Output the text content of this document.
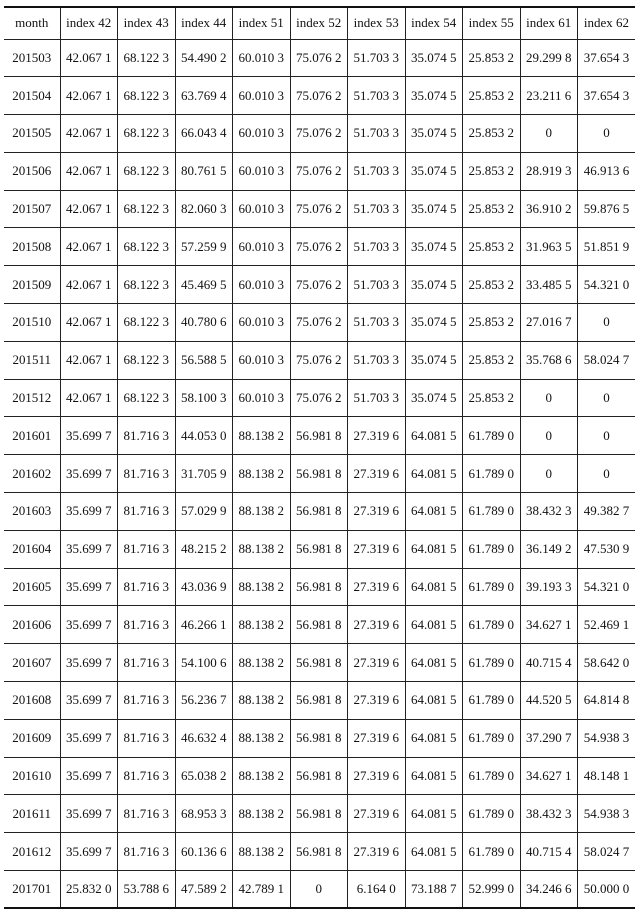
month	index 42	index 43	index 44	index 51	index 52	index 53	index 54	index 55	index 61	index 62
201503	42.067 1	68.122 3	54.490 2	60.010 3	75.076 2	51.703 3	35.074 5	25.853 2	29.299 8	37.654 3
201504	42.067 1	68.122 3	63.769 4	60.010 3	75.076 2	51.703 3	35.074 5	25.853 2	23.211 6	37.654 3
201505	42.067 1	68.122 3	66.043 4	60.010 3	75.076 2	51.703 3	35.074 5	25.853 2	0	0
201506	42.067 1	68.122 3	80.761 5	60.010 3	75.076 2	51.703 3	35.074 5	25.853 2	28.919 3	46.913 6
201507	42.067 1	68.122 3	82.060 3	60.010 3	75.076 2	51.703 3	35.074 5	25.853 2	36.910 2	59.876 5
201508	42.067 1	68.122 3	57.259 9	60.010 3	75.076 2	51.703 3	35.074 5	25.853 2	31.963 5	51.851 9
201509	42.067 1	68.122 3	45.469 5	60.010 3	75.076 2	51.703 3	35.074 5	25.853 2	33.485 5	54.321 0
201510	42.067 1	68.122 3	40.780 6	60.010 3	75.076 2	51.703 3	35.074 5	25.853 2	27.016 7	0
201511	42.067 1	68.122 3	56.588 5	60.010 3	75.076 2	51.703 3	35.074 5	25.853 2	35.768 6	58.024 7
201512	42.067 1	68.122 3	58.100 3	60.010 3	75.076 2	51.703 3	35.074 5	25.853 2	0	0
201601	35.699 7	81.716 3	44.053 0	88.138 2	56.981 8	27.319 6	64.081 5	61.789 0	0	0
201602	35.699 7	81.716 3	31.705 9	88.138 2	56.981 8	27.319 6	64.081 5	61.789 0	0	0
201603	35.699 7	81.716 3	57.029 9	88.138 2	56.981 8	27.319 6	64.081 5	61.789 0	38.432 3	49.382 7
201604	35.699 7	81.716 3	48.215 2	88.138 2	56.981 8	27.319 6	64.081 5	61.789 0	36.149 2	47.530 9
201605	35.699 7	81.716 3	43.036 9	88.138 2	56.981 8	27.319 6	64.081 5	61.789 0	39.193 3	54.321 0
201606	35.699 7	81.716 3	46.266 1	88.138 2	56.981 8	27.319 6	64.081 5	61.789 0	34.627 1	52.469 1
201607	35.699 7	81.716 3	54.100 6	88.138 2	56.981 8	27.319 6	64.081 5	61.789 0	40.715 4	58.642 0
201608	35.699 7	81.716 3	56.236 7	88.138 2	56.981 8	27.319 6	64.081 5	61.789 0	44.520 5	64.814 8
201609	35.699 7	81.716 3	46.632 4	88.138 2	56.981 8	27.319 6	64.081 5	61.789 0	37.290 7	54.938 3
201610	35.699 7	81.716 3	65.038 2	88.138 2	56.981 8	27.319 6	64.081 5	61.789 0	34.627 1	48.148 1
201611	35.699 7	81.716 3	68.953 3	88.138 2	56.981 8	27.319 6	64.081 5	61.789 0	38.432 3	54.938 3
201612	35.699 7	81.716 3	60.136 6	88.138 2	56.981 8	27.319 6	64.081 5	61.789 0	40.715 4	58.024 7
201701	25.832 0	53.788 6	47.589 2	42.789 1	0	6.164 0	73.188 7	52.999 0	34.246 6	50.000 0
